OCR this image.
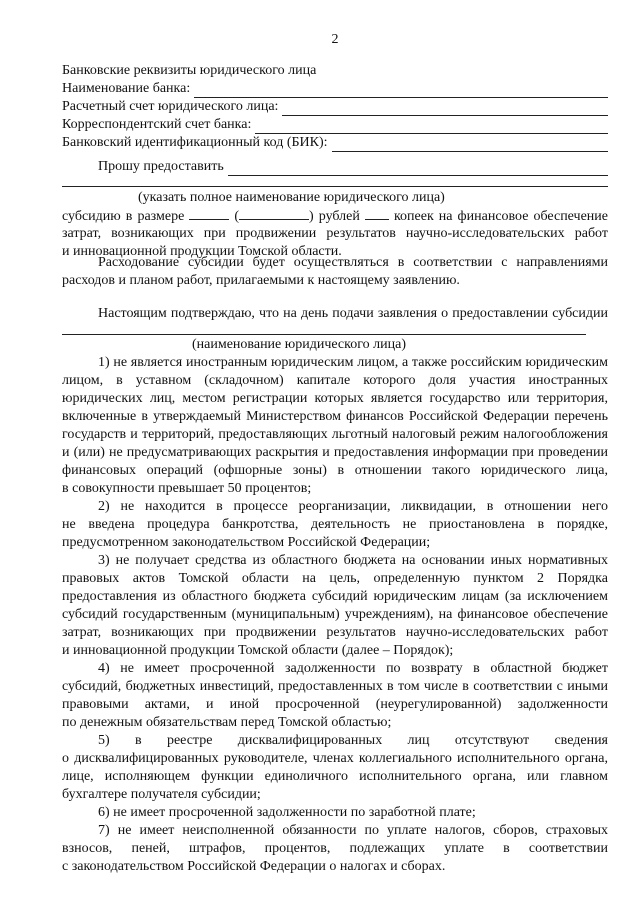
2
Банковские реквизиты юридического лица
Наименование банка:
Расчетный счет юридического лица:
Корреспондентский счет банка:
Банковский идентификационный код (БИК):
Прошу предоставить
(указать полное наименование юридического лица)
субсидию в размере	(	) рублей копеек на финансовое обеспечение
затрат, возникающих при продвижении результатов научно-исследовательских работ
и инновационной продукции Томской области.
Расходование субсидии будет осуществляться в соответствии с направлениями
расходов и планом работ, прилагаемыми к настоящему заявлению.
Настоящим подтверждаю, что на день подачи заявления о предоставлении субсидии
(наименование юридического лица)
1) не является иностранным юридическим лицом, а также российским юридическим
лицом, в уставном (складочном) капитале которого доля участия иностранных
юридических лиц, местом регистрации которых является государство или территория,
включенные в утверждаемый Министерством финансов Российской Федерации перечень
государств и территорий, предоставляющих льготный налоговый режим налогообложения
и (или) не предусматривающих раскрытия и предоставления информации при проведении
финансовых операций (офшорные зоны) в отношении такого юридического лица,
в совокупности превышает 50 процентов;
2) не находится в процессе реорганизации, ликвидации, в отношении него
не введена процедура банкротства, деятельность не приостановлена в порядке,
предусмотренном законодательством Российской Федерации;
3) не получает средства из областного бюджета на основании иных нормативных
правовых актов Томской области на цель, определенную пунктом 2 Порядка
предоставления из областного бюджета субсидий юридическим лицам (за исключением
субсидий государственным (муниципальным) учреждениям), на финансовое обеспечение
затрат, возникающих при продвижении результатов научно-исследовательских работ
и инновационной продукции Томской области (далее – Порядок);
4) не имеет просроченной задолженности по возврату в областной бюджет
субсидий, бюджетных инвестиций, предоставленных в том числе в соответствии с иными
правовыми актами, и иной просроченной (неурегулированной) задолженности
по денежным обязательствам перед Томской областью;
5) в реестре дисквалифицированных лиц отсутствуют сведения
о дисквалифицированных руководителе, членах коллегиального исполнительного органа,
лице, исполняющем функции единоличного исполнительного органа, или главном
бухгалтере получателя субсидии;
6) не имеет просроченной задолженности по заработной плате;
7) не имеет неисполненной обязанности по уплате налогов, сборов, страховых
взносов, пеней, штрафов, процентов, подлежащих уплате в соответствии
с законодательством Российской Федерации о налогах и сборах.
